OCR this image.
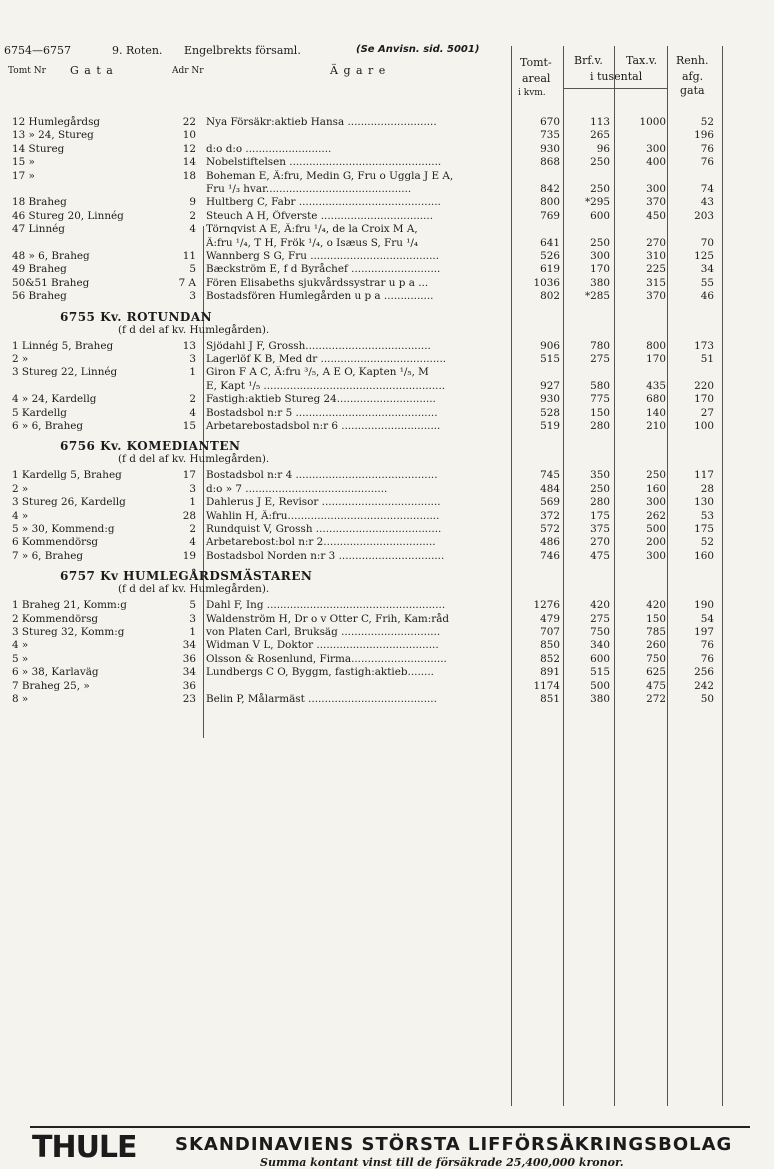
6754—6757	9. Roten. Engelbrekts församl.	(Se Anvisn. sid. 5001)
Tomt Nr G a t a	Adr Nr	Ä g a r e
Tomt-
areal
i kvm.
Brf.v. Tax.v.
i tusental
Renh.
afg.
gata
12 Humlegårdsg	22 Nya Försäkr:aktieb Hansa ...........................	670	113	1000	52
13 » 24, Stureg	10	735	265	196
14 Stureg	12 d:o d:o ..........................	930	96	300	76
15 »	14 Nobelstiftelsen ..............................................	868	250	400	76
17 »	18 Boheman E, Ä:fru, Medin G, Fru o Uggla J E A,
Fru ¹/₃ hvar............................................	842	250	300	74
18 Braheg	9 Hultberg C, Fabr ...........................................	800	*295	370	43
46 Stureg 20, Linnég	2 Steuch A H, Öfverste ..................................	769	600	450	203
47 Linnég	4 Törnqvist A E, Ä:fru ¹/₄, de la Croix M A,
Ä:fru ¹/₄, T H, Frök ¹/₄, o Isæus S, Fru ¹/₄	641	250	270	70
48 » 6, Braheg	11 Wannberg S G, Fru .......................................	526	300	310	125
49 Braheg	5 Bæckström E, f d Byråchef ...........................	619	170	225	34
50&51 Braheg	7 A Fören Elisabeths sjukvårdssystrar u p a ...	1036	380	315	55
56 Braheg	3 Bostadsfören Humlegården u p a ...............	802	*285	370	46
6755 Kv. ROTUNDAN
(f d del af kv. Humlegården).
1 Linnég 5, Braheg	13 Sjödahl J F, Grossh......................................	906	780	800	173
2 »	3 Lagerlöf K B, Med dr ......................................	515	275	170	51
3 Stureg 22, Linnég	1 Giron F A C, Ä:fru ³/₅, A E O, Kapten ¹/₅, M
E, Kapt ¹/₅ .......................................................	927	580	435	220
4 » 24, Kardellg	2 Fastigh:aktieb Stureg 24..............................	930	775	680	170
5 Kardellg	4 Bostadsbol n:r 5 ...........................................	528	150	140	27
6 » 6, Braheg	15 Arbetarebostadsbol n:r 6 ..............................	519	280	210	100
6756 Kv. KOMEDIANTEN
(f d del af kv. Humlegården).
1 Kardellg 5, Braheg	17 Bostadsbol n:r 4 ...........................................	745	350	250	117
2 »	3 d:o » 7 ...........................................	484	250	160	28
3 Stureg 26, Kardellg	1 Dahlerus J E, Revisor ....................................	569	280	300	130
4 »	28 Wahlin H, Ä:fru..............................................	372	175	262	53
5 » 30, Kommend:g	2 Rundquist V, Grossh ......................................	572	375	500	175
6 Kommendörsg	4 Arbetarebost:bol n:r 2..................................	486	270	200	52
7 » 6, Braheg	19 Bostadsbol Norden n:r 3 ................................	746	475	300	160
6757 Kv HUMLEGÅRDSMÄSTAREN
(f d del af kv. Humlegården).
1 Braheg 21, Komm:g	5 Dahl F, Ing ......................................................	1276	420	420	190
2 Kommendörsg	3 Waldenström H, Dr o v Otter C, Frih, Kam:råd	479	275	150	54
3 Stureg 32, Komm:g	1 von Platen Carl, Bruksäg ..............................	707	750	785	197
4 »	34 Widman V L, Doktor .....................................	850	340	260	76
5 »	36 Olsson & Rosenlund, Firma.............................	852	600	750	76
6 » 38, Karlaväg	34 Lundbergs C O, Byggm, fastigh:aktieb........	891	515	625	256
7 Braheg 25, »	36	1174	500	475	242
8 »	23 Belin P, Målarmäst .......................................	851	380	272	50
THULE SKANDINAVIENS STÖRSTA LIFFÖRSÄKRINGSBOLAG
Summa kontant vinst till de försäkrade 25,400,000 kronor.
